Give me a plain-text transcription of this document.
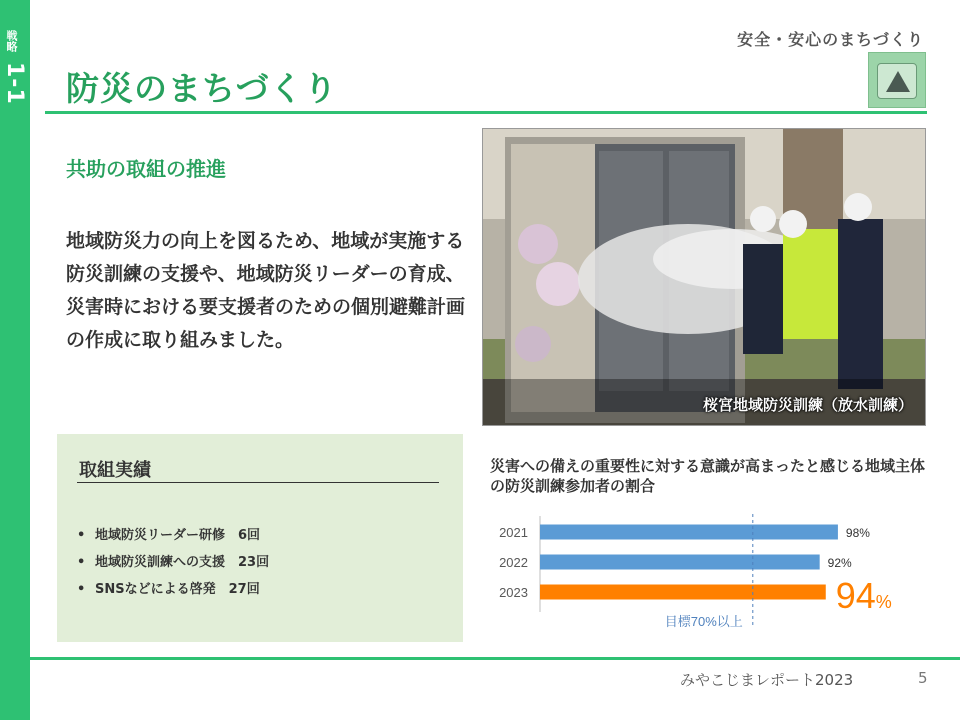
戦略
1-1
安全・安心のまちづくり
防災のまちづくり
共助の取組の推進
地域防災力の向上を図るため、地域が実施する防災訓練の支援や、地域防災リーダーの育成、災害時における要支援者のための個別避難計画の作成に取り組みました。
桜宮地域防災訓練（放水訓練）
取組実績
• 地域防災リーダー研修　6回
• 地域防災訓練への支援　23回
• SNSなどによる啓発　27回
災害への備えの重要性に対する意識が高まったと感じる地域主体の防災訓練参加者の割合
2021	98%
2022	92%
2023	94%
目標70%以上
みやこじまレポート2023	5
